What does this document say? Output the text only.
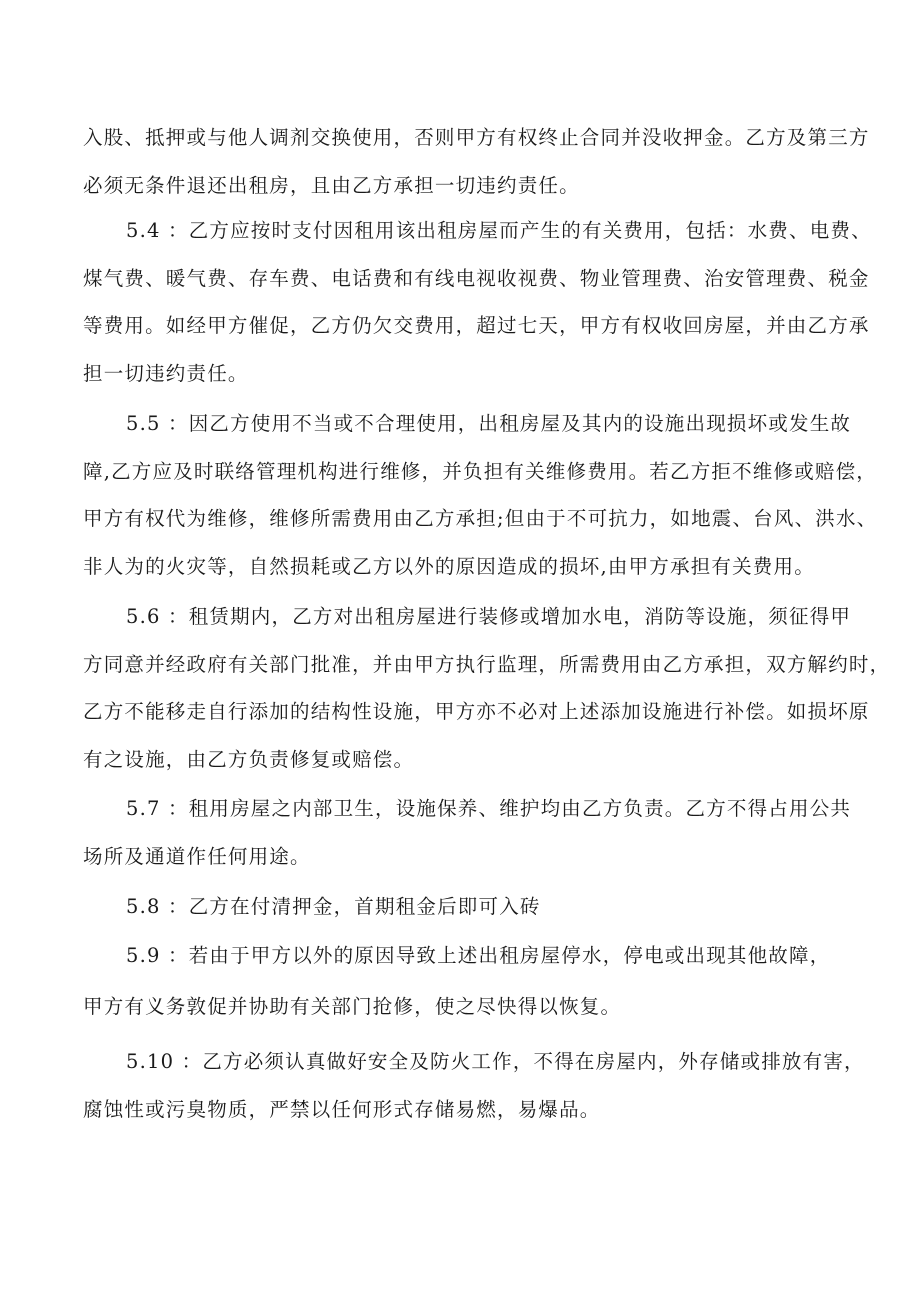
入股、抵押或与他人调剂交换使用，否则甲方有权终止合同并没收押金。乙方及第三方
必须无条件退还出租房，且由乙方承担一切违约责任。
5.4 ：乙方应按时支付因租用该出租房屋而产生的有关费用，包括：水费、电费、
煤气费、暖气费、存车费、电话费和有线电视收视费、物业管理费、治安管理费、税金
等费用。如经甲方催促，乙方仍欠交费用，超过七天，甲方有权收回房屋，并由乙方承
担一切违约责任。
5.5 ：因乙方使用不当或不合理使用，出租房屋及其内的设施出现损坏或发生故
障,乙方应及时联络管理机构进行维修，并负担有关维修费用。若乙方拒不维修或赔偿，
甲方有权代为维修，维修所需费用由乙方承担;但由于不可抗力，如地震、台风、洪水、
非人为的火灾等，自然损耗或乙方以外的原因造成的损坏,由甲方承担有关费用。
5.6 ：租赁期内，乙方对出租房屋进行装修或增加水电，消防等设施，须征得甲
方同意并经政府有关部门批准，并由甲方执行监理，所需费用由乙方承担，双方解约时，
乙方不能移走自行添加的结构性设施，甲方亦不必对上述添加设施进行补偿。如损坏原
有之设施，由乙方负责修复或赔偿。
5.7 ：租用房屋之内部卫生，设施保养、维护均由乙方负责。乙方不得占用公共
场所及通道作任何用途。
5.8 ：乙方在付清押金，首期租金后即可入砖
5.9 ：若由于甲方以外的原因导致上述出租房屋停水，停电或出现其他故障，
甲方有义务敦促并协助有关部门抢修，使之尽快得以恢复。
5.10 ：乙方必须认真做好安全及防火工作，不得在房屋内，外存储或排放有害，
腐蚀性或污臭物质，严禁以任何形式存储易燃，易爆品。
